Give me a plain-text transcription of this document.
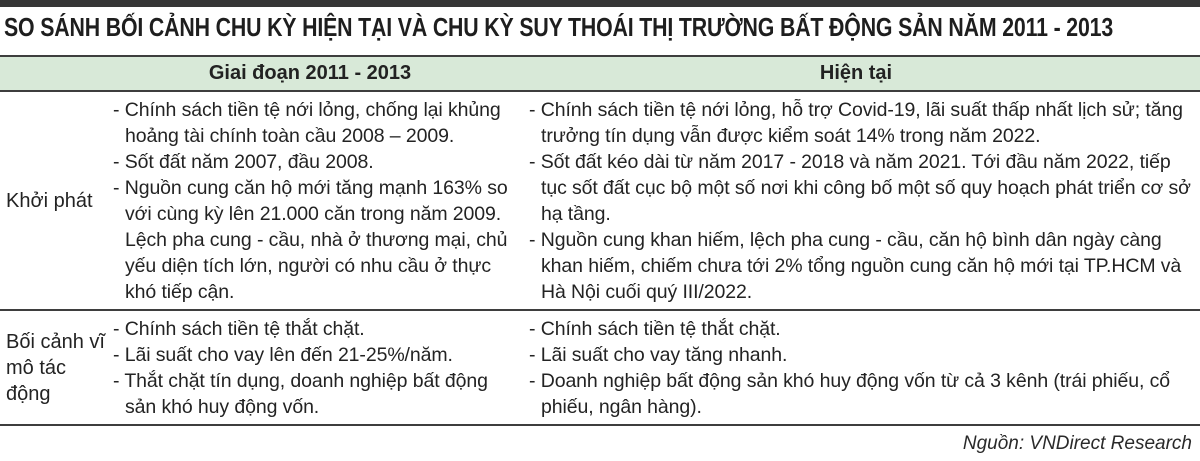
SO SÁNH BỐI CẢNH CHU KỲ HIỆN TẠI VÀ CHU KỲ SUY THOÁI THỊ TRƯỜNG BẤT ĐỘNG SẢN NĂM 2011 - 2013
Giai đoạn 2011 - 2013	Hiện tại
Khởi phát
- Chính sách tiền tệ nới lỏng, chống lại khủng hoảng tài chính toàn cầu 2008 – 2009.
- Sốt đất năm 2007, đầu 2008.
- Nguồn cung căn hộ mới tăng mạnh 163% so với cùng kỳ lên 21.000 căn trong năm 2009. Lệch pha cung - cầu, nhà ở thương mại, chủ yếu diện tích lớn, người có nhu cầu ở thực khó tiếp cận.
- Chính sách tiền tệ nới lỏng, hỗ trợ Covid-19, lãi suất thấp nhất lịch sử; tăng trưởng tín dụng vẫn được kiểm soát 14% trong năm 2022.
- Sốt đất kéo dài từ năm 2017 - 2018 và năm 2021. Tới đầu năm 2022, tiếp tục sốt đất cục bộ một số nơi khi công bố một số quy hoạch phát triển cơ sở hạ tầng.
- Nguồn cung khan hiếm, lệch pha cung - cầu, căn hộ bình dân ngày càng khan hiếm, chiếm chưa tới 2% tổng nguồn cung căn hộ mới tại TP.HCM và Hà Nội cuối quý III/2022.
Bối cảnh vĩ mô tác động
- Chính sách tiền tệ thắt chặt.
- Lãi suất cho vay lên đến 21-25%/năm.
- Thắt chặt tín dụng, doanh nghiệp bất động sản khó huy động vốn.
- Chính sách tiền tệ thắt chặt.
- Lãi suất cho vay tăng nhanh.
- Doanh nghiệp bất động sản khó huy động vốn từ cả 3 kênh (trái phiếu, cổ phiếu, ngân hàng).
Nguồn: VNDirect Research
